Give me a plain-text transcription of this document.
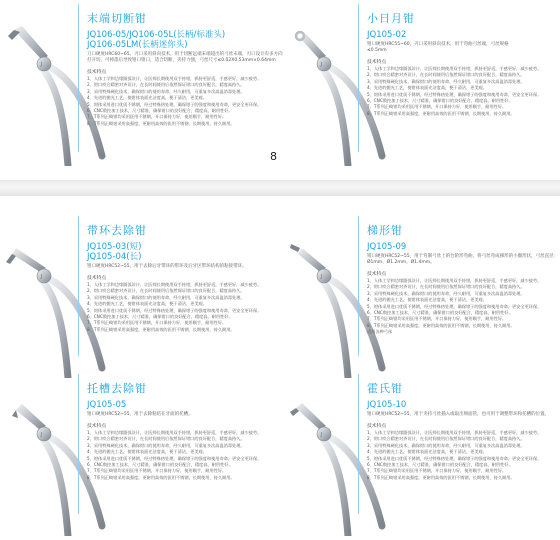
8
J
末端切断钳
JQ106-05/JQ106-05L(长柄/标准头)
JQ106-05LM(长柄迷你头)
刀口硬度HRC60~65。刃口采用斜向技术，用于切断远端末端超出的弓丝末端，刃口设计有多方向
打开切，可掉落后导致钳口钳口，适合切断，夹持力强，弓丝尺寸≤0.02X0.53mm×0.64mm
技术特点
1、人体工学和边缘圆弧设计，让医师长期使用双手持钳，抓持更舒适，手感更好，减少疲劳。
2、钳口咬合精密对齐设计，在长时间使用后依然保证钳口的良好配合，精度高持久。
3、采用特殊硬化技术，确保钳口的使用寿命，经久耐用，可重复多次高温消毒处理。
4、先进的抛光工艺，使钳体表面光洁度高，便于清洁，更美观。
5、钳体采用进口优质不锈钢，经过特殊热处理，确保钳子的强度和使用寿命，更安全更环保。
6、CNC数控加工技术，尺寸精准，确保钳口的良好配合，精度高，耐用性好。
7、T系列正畸钳均采用医用不锈钢，开口保持力好，使用顺手，耐用性好。
8、T系列正畸钳采用高强度，更耐用高效的医用不锈钢，长期使用，持久耐用。
J
小日月钳
JQ105-02
钳口硬度HRC55~60，刃口采用斜向技术，用于弯曲弓丝端，弓丝规格
≤0.5mm
技术特点
1、人体工学和边缘圆弧设计，让医师长期使用双手持钳，抓持更舒适，手感更好，减少疲劳。
2、钳口咬合精密对齐设计，在长时间使用后依然保证钳口的良好配合，精度高持久。
3、采用特殊硬化技术，确保钳口的使用寿命，经久耐用，可重复多次高温消毒处理。
4、先进的抛光工艺，使钳体表面光洁度高，便于清洁，更美观。
5、钳体采用进口优质不锈钢，经过特殊热处理，确保钳子的强度和使用寿命，更安全更环保。
6、CNC数控加工技术，尺寸精准，确保钳口的良好配合，精度高，耐用性好。
7、T系列正畸钳均采用医用不锈钢，开口保持力好，使用顺手，耐用性好。
8、T系列正畸钳采用高强度，更耐用高效的医用不锈钢，长期使用，持久耐用。
J
带环去除钳
JQ105-03(短)
JQ105-04(长)
钳口硬度HRC52~55，用于去除后牙带环的带环及后牙区带环结构的粘接带环。
技术特点
1、人体工学和边缘圆弧设计，让医师长期使用双手持钳，抓持更舒适，手感更好，减少疲劳。
2、钳口咬合精密对齐设计，在长时间使用后依然保证钳口的良好配合，精度高持久。
3、采用特殊硬化技术，确保钳口的使用寿命，经久耐用，可重复多次高温消毒处理。
4、先进的抛光工艺，使钳体表面光洁度高，便于清洁，更美观。
5、钳体采用进口优质不锈钢，经过特殊热处理，确保钳子的强度和使用寿命，更安全更环保。
6、CNC数控加工技术，尺寸精准，确保钳口的良好配合，精度高，耐用性好。
7、T系列正畸钳均采用医用不锈钢，开口保持力好，使用顺手，耐用性好。
8、T系列正畸钳采用高强度，更耐用高效的医用不锈钢，长期使用，持久耐用。
J
梯形钳
JQ105-09
钳口硬度HRC52~55，用于弯制弓丝上的台阶形弯曲，将弓丝弯成梯形的小圈形状，弓丝直径：
Ø1mm、Ø1.2mm、Ø1.4mm。
技术特点
1、人体工学和边缘圆弧设计，让医师长期使用双手持钳，抓持更舒适，手感更好，减少疲劳。
2、钳口咬合精密对齐设计，在长时间使用后依然保证钳口的良好配合，精度高持久。
3、采用特殊硬化技术，确保钳口的使用寿命，经久耐用，可重复多次高温消毒处理。
4、先进的抛光工艺，使钳体表面光洁度高，便于清洁，更美观。
5、钳体采用进口优质不锈钢，经过特殊热处理，确保钳子的强度和使用寿命，更安全更环保。
6、CNC数控加工技术，尺寸精准，确保钳口的良好配合，精度高，耐用性好。
7、T系列正畸钳均采用医用不锈钢，开口保持力好，使用顺手，耐用性好。
8、T系列正畸钳采用高强度，更耐用高效的医用不锈钢，长期使用，持久耐用。
适用各种弓丝
J
托槽去除钳
JQ105-05
钳口硬度HRC52~55，用于去除粘结在牙面的托槽。
技术特点
1、人体工学和边缘圆弧设计，让医师长期使用双手持钳，抓持更舒适，手感更好，减少疲劳。
2、钳口咬合精密对齐设计，在长时间使用后依然保证钳口的良好配合，精度高持久。
3、采用特殊硬化技术，确保钳口的使用寿命，经久耐用，可重复多次高温消毒处理。
4、先进的抛光工艺，使钳体表面光洁度高，便于清洁，更美观。
5、钳体采用进口优质不锈钢，经过特殊热处理，确保钳子的强度和使用寿命，更安全更环保。
6、CNC数控加工技术，尺寸精准，确保钳口的良好配合，精度高，耐用性好。
7、T系列正畸钳均采用医用不锈钢，开口保持力好，使用顺手，耐用性好。
8、T系列正畸钳采用高强度，更耐用高效的医用不锈钢，长期使用，持久耐用。
J
霍氏钳
JQ105-10
钳口硬度HRC52~55，用于夹持弓丝插入或取出颊面管，也可用于调整带环和托槽的位置。
技术特点
1、人体工学和边缘圆弧设计，让医师长期使用双手持钳，抓持更舒适，手感更好，减少疲劳。
2、钳口咬合精密对齐设计，在长时间使用后依然保证钳口的良好配合，精度高持久。
3、采用特殊硬化技术，确保钳口的使用寿命，经久耐用，可重复多次高温消毒处理。
4、先进的抛光工艺，使钳体表面光洁度高，便于清洁，更美观。
5、钳体采用进口优质不锈钢，经过特殊热处理，确保钳子的强度和使用寿命，更安全更环保。
6、CNC数控加工技术，尺寸精准，确保钳口的良好配合，精度高，耐用性好。
7、T系列正畸钳均采用医用不锈钢，开口保持力好，使用顺手，耐用性好。
8、T系列正畸钳采用高强度，更耐用高效的医用不锈钢，长期使用，持久耐用。
